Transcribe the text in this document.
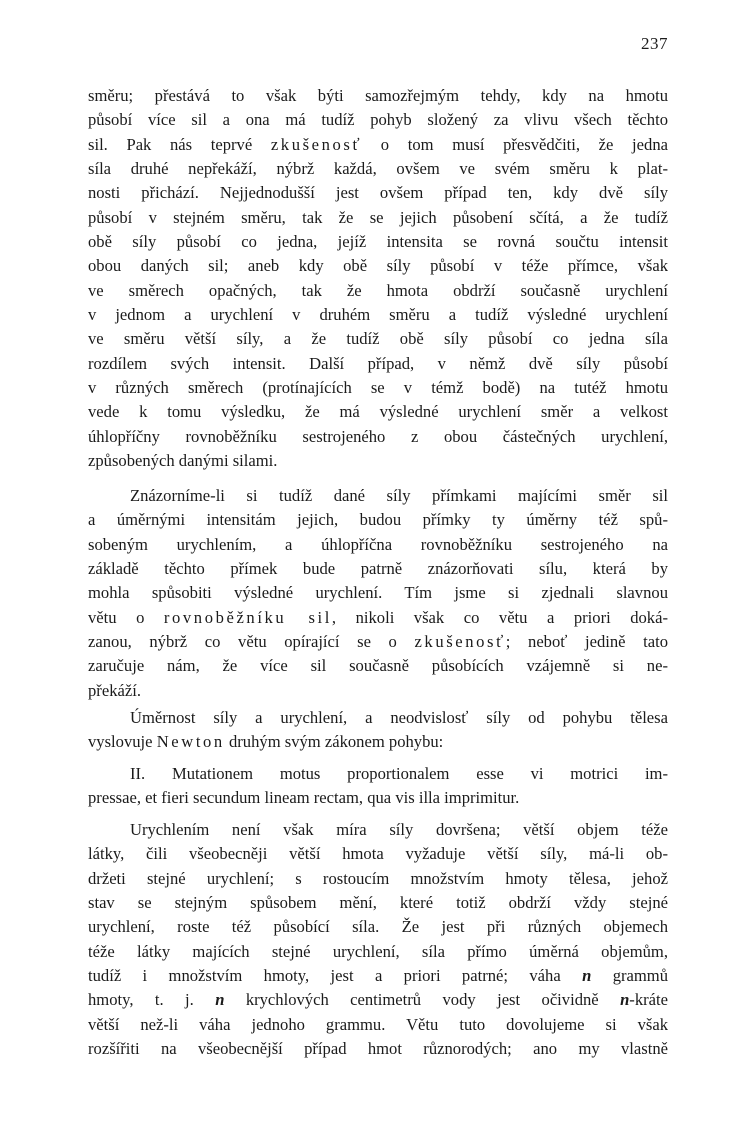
237
směru; přestává to však býti samozřejmým tehdy, kdy na hmotu
působí více sil a ona má tudíž pohyb složený za vlivu všech těchto
sil. Pak nás teprvé zkušenosť o tom musí přesvědčiti, že jedna
síla druhé nepřekáží, nýbrž každá, ovšem ve svém směru k plat-
nosti přichází. Nejjednodušší jest ovšem případ ten, kdy dvě síly
působí v stejném směru, tak že se jejich působení sčítá, a že tudíž
obě síly působí co jedna, jejíž intensita se rovná součtu intensit
obou daných sil; aneb kdy obě síly působí v téže přímce, však
ve směrech opačných, tak že hmota obdrží současně urychlení
v jednom a urychlení v druhém směru a tudíž výsledné urychlení
ve směru větší síly, a že tudíž obě síly působí co jedna síla
rozdílem svých intensit. Další případ, v němž dvě síly působí
v různých směrech (protínajících se v témž bodě) na tutéž hmotu
vede k tomu výsledku, že má výsledné urychlení směr a velkost
úhlopříčny rovnoběžníku sestrojeného z obou částečných urychlení,
způsobených danými silami.
Znázorníme-li si tudíž dané síly přímkami majícími směr sil
a úměrnými intensitám jejich, budou přímky ty úměrny též spů-
sobeným urychlením, a úhlopříčna rovnoběžníku sestrojeného na
základě těchto přímek bude patrně znázorňovati sílu, která by
mohla spůsobiti výsledné urychlení. Tím jsme si zjednali slavnou
větu o rovnoběžníku sil, nikoli však co větu a priori doká-
zanou, nýbrž co větu opírající se o zkušenosť; neboť jedině tato
zaručuje nám, že více sil současně působících vzájemně si ne-
překáží.
Úměrnost síly a urychlení, a neodvislosť síly od pohybu tělesa
vyslovuje Newton druhým svým zákonem pohybu:
II. Mutationem motus proportionalem esse vi motrici im-
pressae, et fieri secundum lineam rectam, qua vis illa imprimitur.
Urychlením není však míra síly dovršena; větší objem téže
látky, čili všeobecněji větší hmota vyžaduje větší síly, má-li ob-
držeti stejné urychlení; s rostoucím množstvím hmoty tělesa, jehož
stav se stejným spůsobem mění, které totiž obdrží vždy stejné
urychlení, roste též působící síla. Že jest při různých objemech
téže látky majících stejné urychlení, síla přímo úměrná objemům,
tudíž i množstvím hmoty, jest a priori patrné; váha n grammů
hmoty, t. j. n krychlových centimetrů vody jest očividně n-kráte
větší než-li váha jednoho grammu. Větu tuto dovolujeme si však
rozšířiti na všeobecnější případ hmot různorodých; ano my vlastně
